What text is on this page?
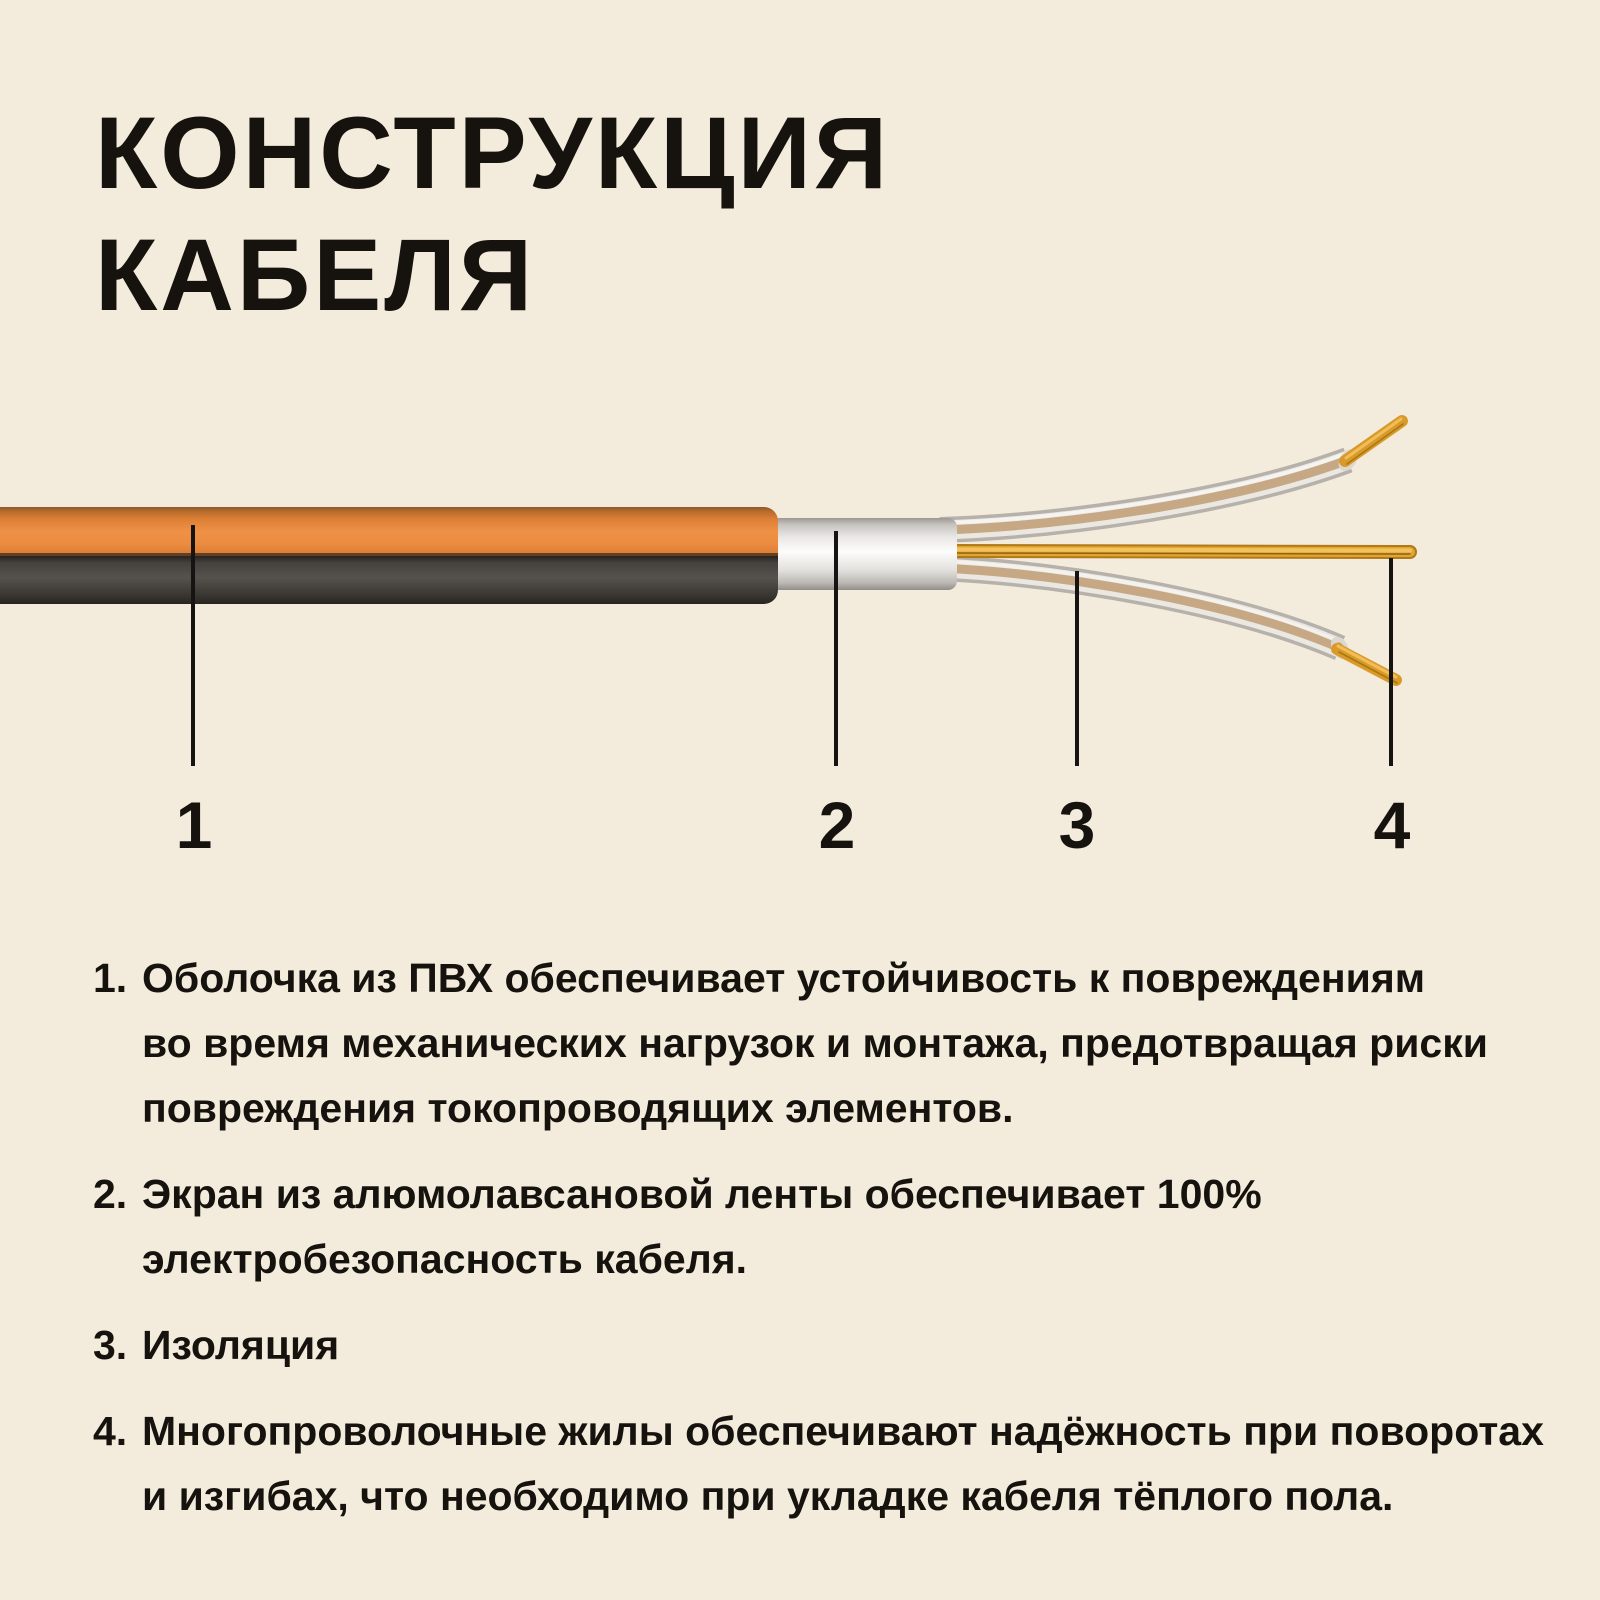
КОНСТРУКЦИЯ
КАБЕЛЯ
1	2	3	4
1. Оболочка из ПВХ обеспечивает устойчивость к повреждениям
во время механических нагрузок и монтажа, предотвращая риски
повреждения токопроводящих элементов.
2. Экран из алюмолавсановой ленты обеспечивает 100%
электробезопасность кабеля.
3. Изоляция
4. Многопроволочные жилы обеспечивают надёжность при поворотах
и изгибах, что необходимо при укладке кабеля тёплого пола.
